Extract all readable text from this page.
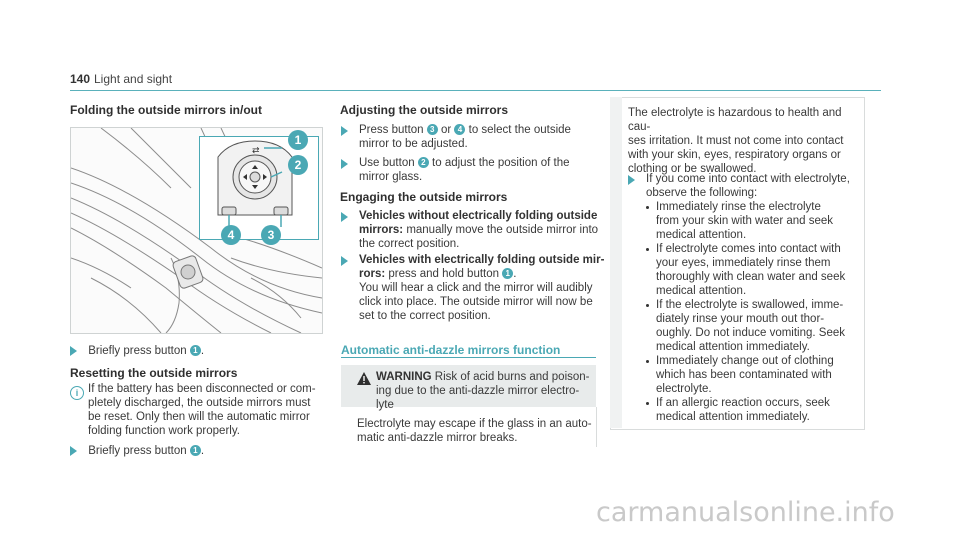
140 Light and sight
Folding the outside mirrors in/out
⇄
1
2
4	3
Briefly press button 1 .
Resetting the outside mirrors
i If the battery has been disconnected or com-
pletely discharged, the outside mirrors must
be reset. Only then will the automatic mirror
folding function work properly.
Briefly press button 1 .
Adjusting the outside mirrors
Press button 3 or 4 to select the outside
mirror to be adjusted.
Use button 2 to adjust the position of the
mirror glass.
Engaging the outside mirrors
Vehicles without electrically folding outside
mirrors: manually move the outside mirror into
the correct position.
Vehicles with electrically folding outside mir-
rors: press and hold button 1 .
You will hear a click and the mirror will audibly
click into place. The outside mirror will now be
set to the correct position.
Automatic anti-dazzle mirrors function
WARNING Risk of acid burns and poison-
ing due to the anti-dazzle mirror electro-
lyte
Electrolyte may escape if the glass in an auto-
matic anti-dazzle mirror breaks.
The electrolyte is hazardous to health and cau-
ses irritation. It must not come into contact
with your skin, eyes, respiratory organs or
clothing or be swallowed.
If you come into contact with electrolyte,
observe the following:
Immediately rinse the electrolyte
from your skin with water and seek
medical attention.
If electrolyte comes into contact with
your eyes, immediately rinse them
thoroughly with clean water and seek
medical attention.
If the electrolyte is swallowed, imme-
diately rinse your mouth out thor-
oughly. Do not induce vomiting. Seek
medical attention immediately.
Immediately change out of clothing
which has been contaminated with
electrolyte.
If an allergic reaction occurs, seek
medical attention immediately.
carmanualsonline.info
